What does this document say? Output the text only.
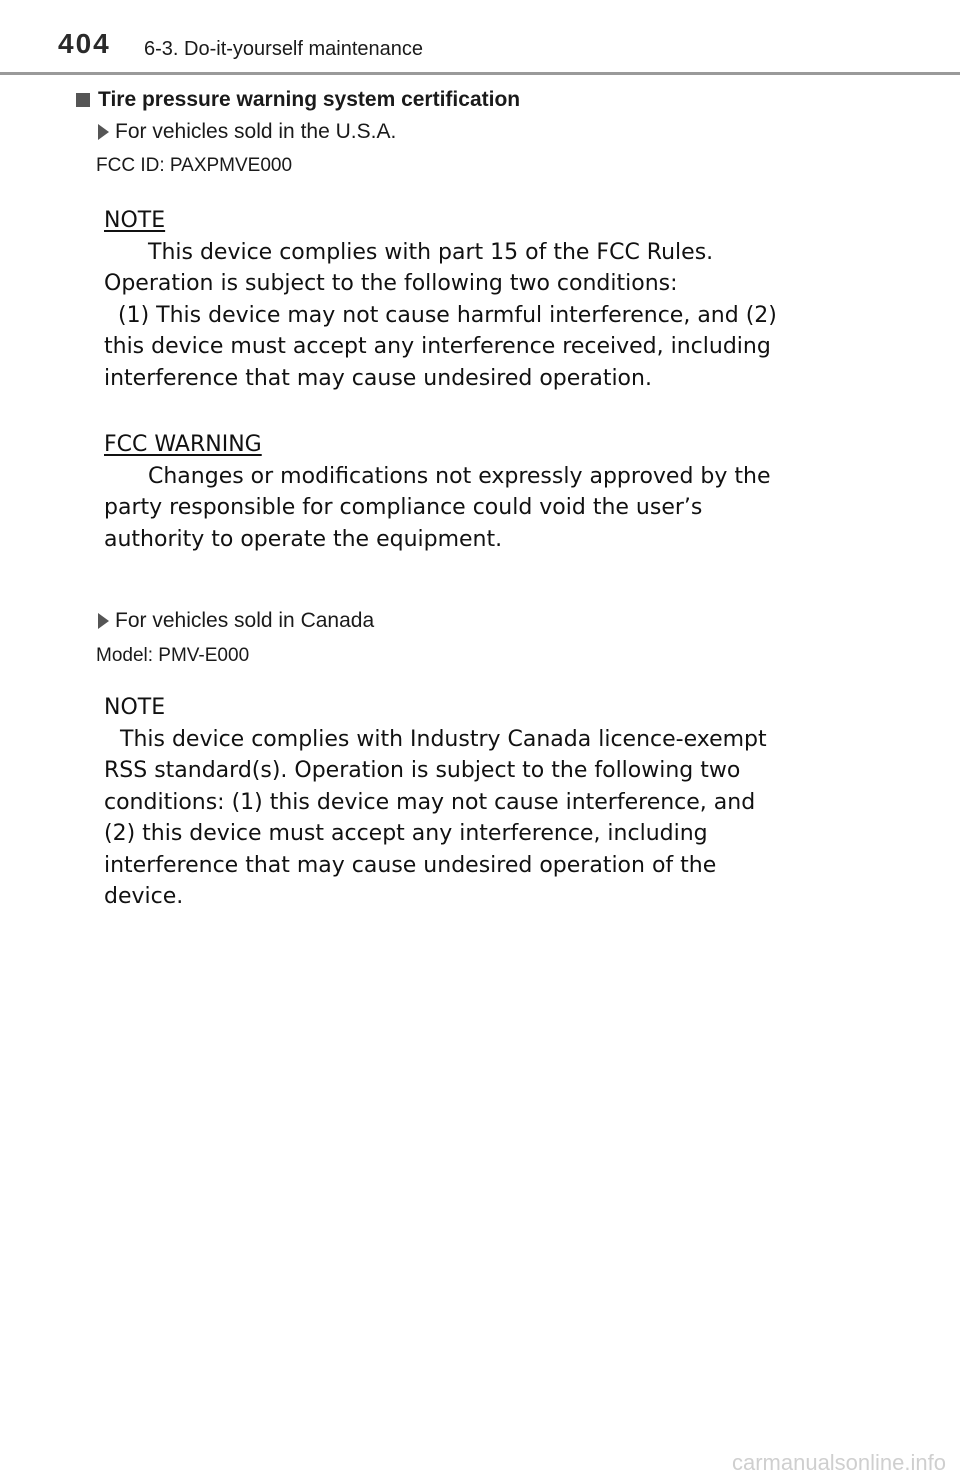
404 6-3. Do-it-yourself maintenance
Tire pressure warning system certification
For vehicles sold in the U.S.A.
FCC ID: PAXPMVE000

NOTE

This device complies with part 15 of the FCC Rules.

Operation is subject to the following two conditions:

(1) This device may not cause harmful interference, and (2)

this device must accept any interference received, including

interference that may cause undesired operation.

FCC WARNING

Changes or modifications not expressly approved by the

party responsible for compliance could void the user’s

authority to operate the equipment.

For vehicles sold in Canada
Model: PMV-E000

NOTE

This device complies with Industry Canada licence-exempt

RSS standard(s). Operation is subject to the following two

conditions: (1) this device may not cause interference, and

(2) this device must accept any interference, including

interference that may cause undesired operation of the

device.

carmanualsonline.info
